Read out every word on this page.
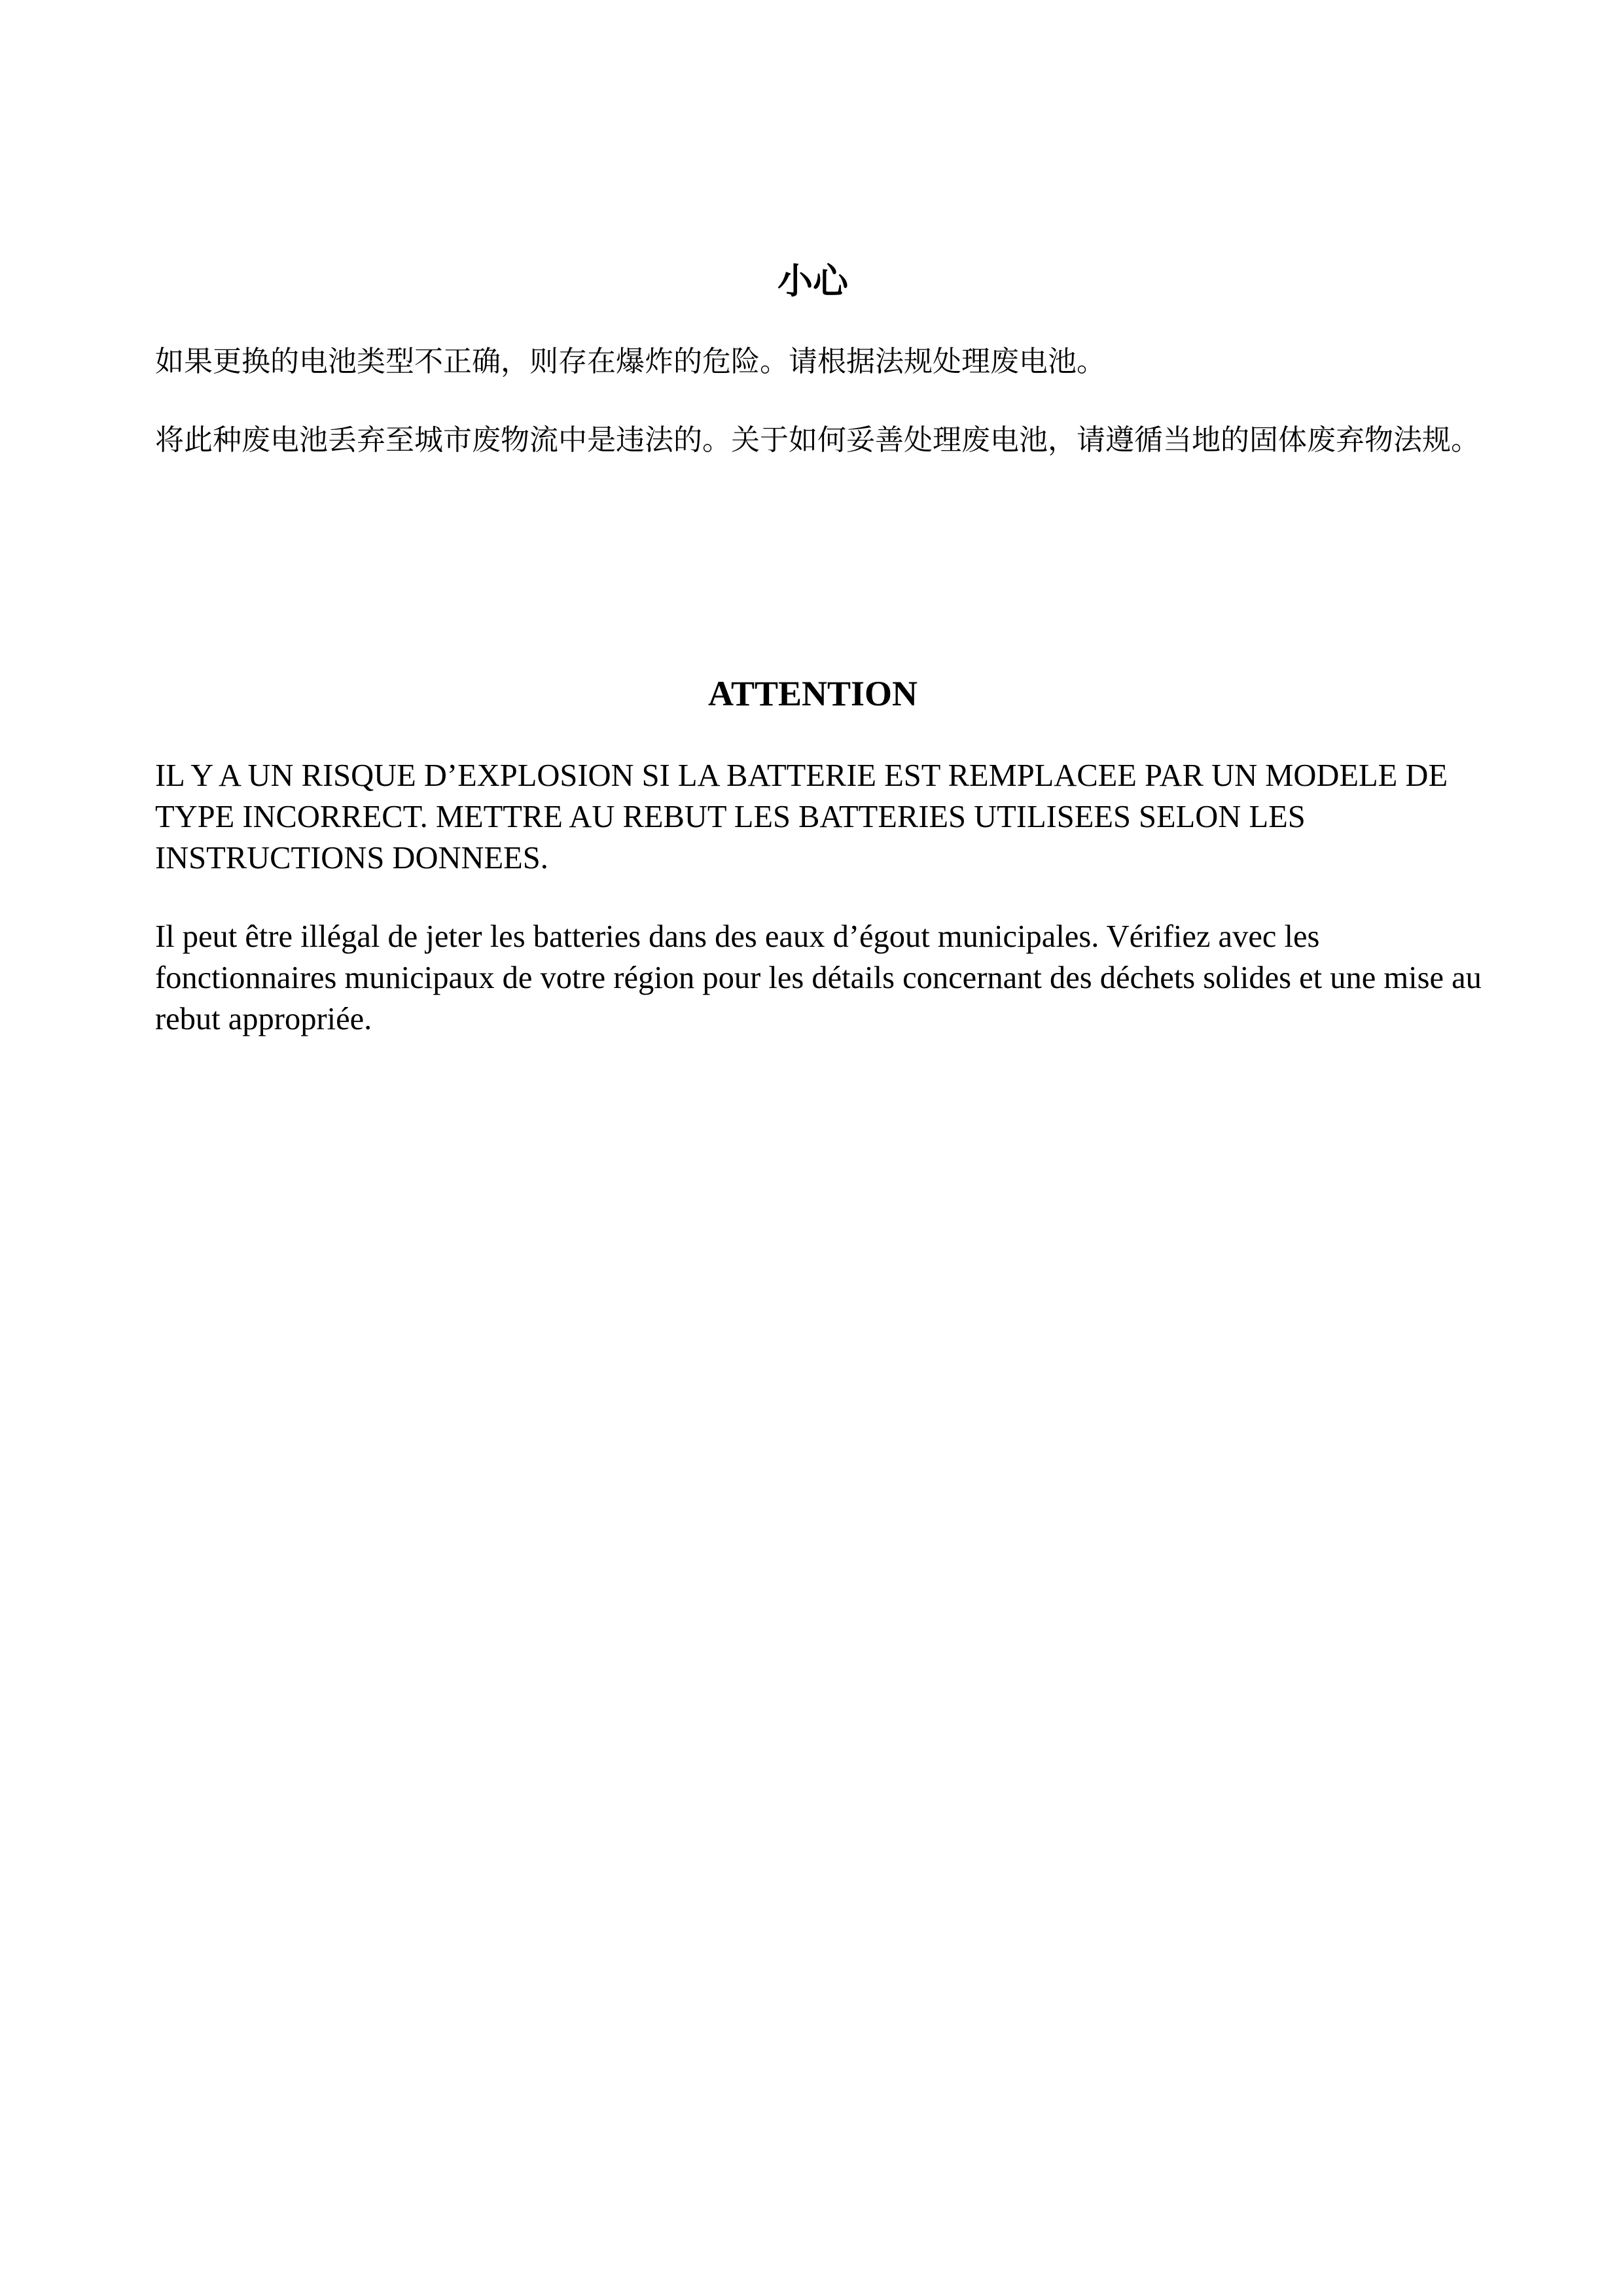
小心

如果更换的电池类型不正确，则存在爆炸的危险。请根据法规处理废电池。

将此种废电池丢弃至城市废物流中是违法的。关于如何妥善处理废电池，请遵循当地的固体废弃物法规。

ATTENTION

IL Y A UN RISQUE D’EXPLOSION SI LA BATTERIE EST REMPLACEE PAR UN MODELE DE TYPE INCORRECT. METTRE AU REBUT LES BATTERIES UTILISEES SELON LES INSTRUCTIONS DONNEES.

Il peut être illégal de jeter les batteries dans des eaux d’égout municipales. Vérifiez avec les fonctionnaires municipaux de votre région pour les détails concernant des déchets solides et une mise au rebut appropriée.
